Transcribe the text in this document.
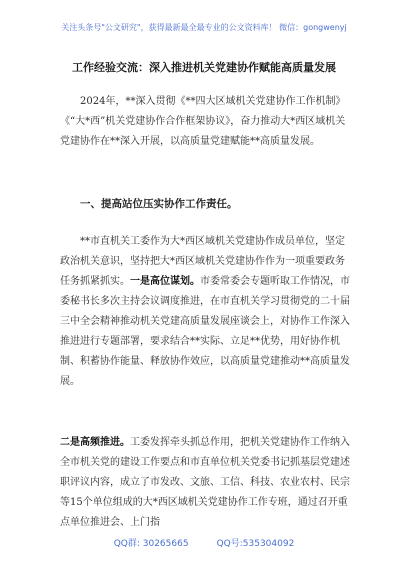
关注头条号"公文研究"，获得最新最全最专业的公文资料库！ 微信：gongwenyj
工作经验交流：深入推进机关党建协作赋能高质量发展

2024年，**深入贯彻《**四大区域机关党建协作工作机制》《“大*西”机关党建协作合作框架协议》，奋力推动大*西区域机关党建协作在**深入开展，以高质量党建赋能**高质量发展。

一、提高站位压实协作工作责任。

**市直机关工委作为大*西区域机关党建协作成员单位，坚定政治机关意识，坚持把大*西区域机关党建协作作为一项重要政务任务抓紧抓实。一是高位谋划。市委常委会专题听取工作情况，市委秘书长多次主持会议调度推进，在市直机关学习贯彻党的二十届三中全会精神推动机关党建高质量发展座谈会上，对协作工作深入推进进行专题部署，要求结合**实际、立足**优势，用好协作机制、积蓄协作能量、释放协作效应，以高质量党建推动**高质量发展。

二是高频推进。工委发挥牵头抓总作用，把机关党建协作工作纳入全市机关党的建设工作要点和市直单位机关党委书记抓基层党建述职评议内容，成立了市发改、文旅、工信、科技、农业农村、民宗等15个单位组成的大*西区域机关党建协作工作专班，通过召开重点单位推进会、上门指

QQ群: 30265665	QQ号:535304092
